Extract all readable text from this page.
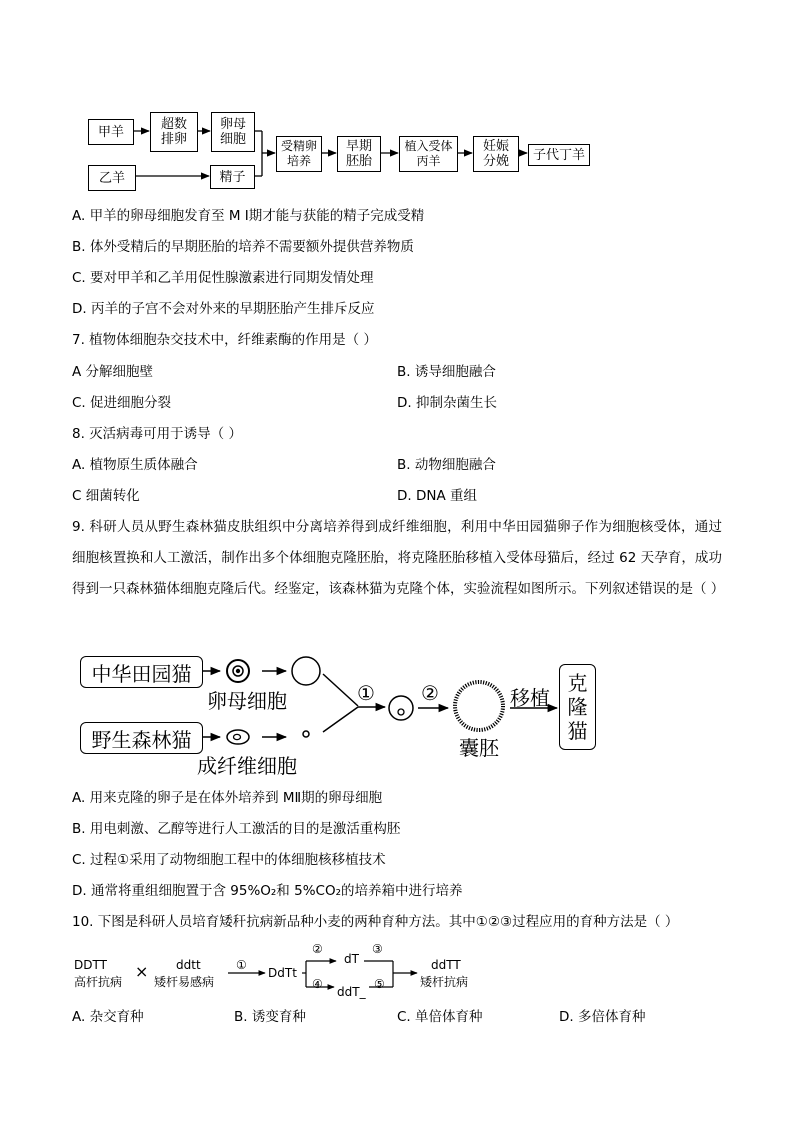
甲羊
乙羊
超数
排卵
卵母
细胞
精子
受精卵
培养
早期
胚胎
植入受体
丙羊
妊娠
分娩 子代丁羊
A. 甲羊的卵母细胞发育至 M Ⅰ期才能与获能的精子完成受精
B. 体外受精后的早期胚胎的培养不需要额外提供营养物质
C. 要对甲羊和乙羊用促性腺激素进行同期发情处理
D. 丙羊的子宫不会对外来的早期胚胎产生排斥反应
7. 植物体细胞杂交技术中，纤维素酶的作用是（ ）
A 分解细胞壁	B. 诱导细胞融合
C. 促进细胞分裂	D. 抑制杂菌生长
8. 灭活病毒可用于诱导（ ）
A. 植物原生质体融合	B. 动物细胞融合
C 细菌转化	D. DNA 重组
9. 科研人员从野生森林猫皮肤组织中分离培养得到成纤维细胞，利用中华田园猫卵子作为细胞核受体，通过细胞核置换和人工激活，制作出多个体细胞克隆胚胎，将克隆胚胎移植入受体母猫后，经过 62 天孕育，成功得到一只森林猫体细胞克隆后代。经鉴定，该森林猫为克隆个体，实验流程如图所示。下列叙述错误的是（ ）
中华田园猫
野生森林猫
卵母细胞
成纤维细胞
① ②
囊胚
移植
克
隆
猫
A. 用来克隆的卵子是在体外培养到 MⅡ期的卵母细胞
B. 用电刺激、乙醇等进行人工激活的目的是激活重构胚
C. 过程①采用了动物细胞工程中的体细胞核移植技术
D. 通常将重组细胞置于含 95%O₂和 5%CO₂的培养箱中进行培养
10. 下图是科研人员培育矮秆抗病新品种小麦的两种育种方法。其中①②③过程应用的育种方法是（ ）
DDTT
高杆抗病
× ddtt
矮杆易感病
①
DdTt
②
dT
③
④
ddT_
⑤
ddTT
矮杆抗病
A. 杂交育种	B. 诱变育种	C. 单倍体育种	D. 多倍体育种
